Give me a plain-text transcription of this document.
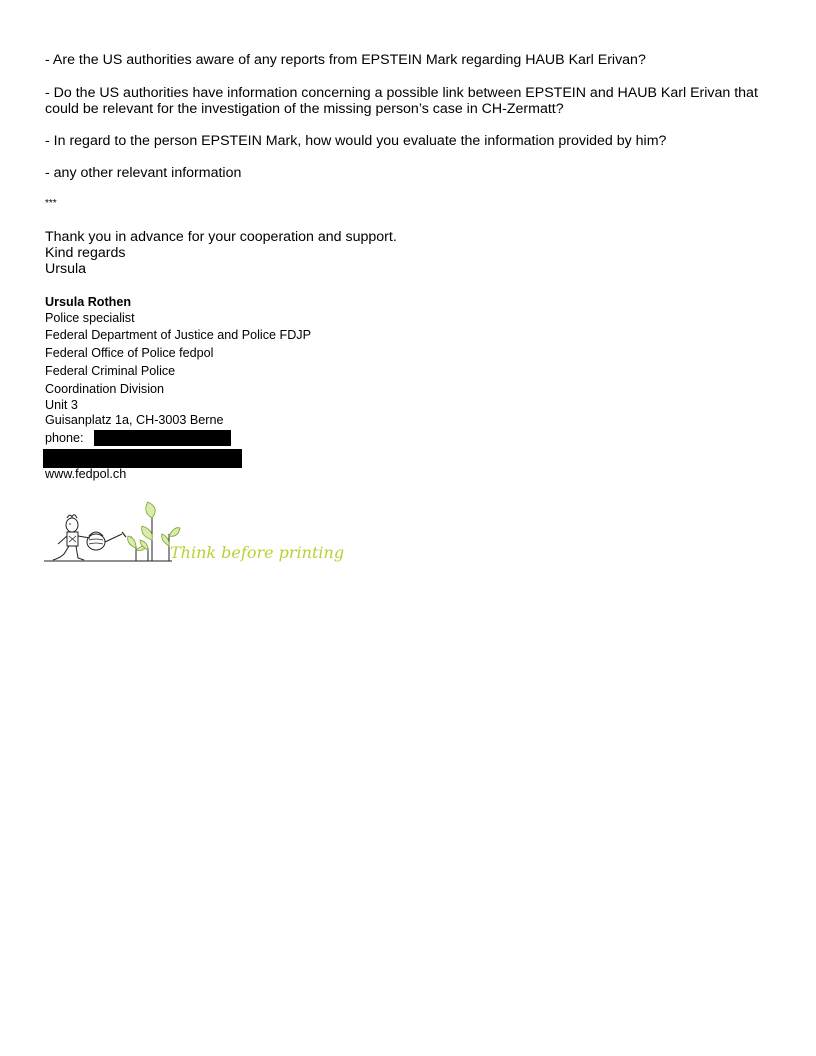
- Are the US authorities aware of any reports from EPSTEIN Mark regarding HAUB Karl Erivan?

- Do the US authorities have information concerning a possible link between EPSTEIN and HAUB Karl Erivan that could be relevant for the investigation of the missing person’s case in CH-Zermatt?

- In regard to the person EPSTEIN Mark, how would you evaluate the information provided by him?

- any other relevant information

***

Thank you in advance for your cooperation and support.

Kind regards

Ursula

Ursula Rothen

Police specialist

Federal Department of Justice and Police FDJP

Federal Office of Police fedpol

Federal Criminal Police

Coordination Division

Unit 3

Guisanplatz 1a, CH-3003 Berne

phone:

www.fedpol.ch

Think before printing
